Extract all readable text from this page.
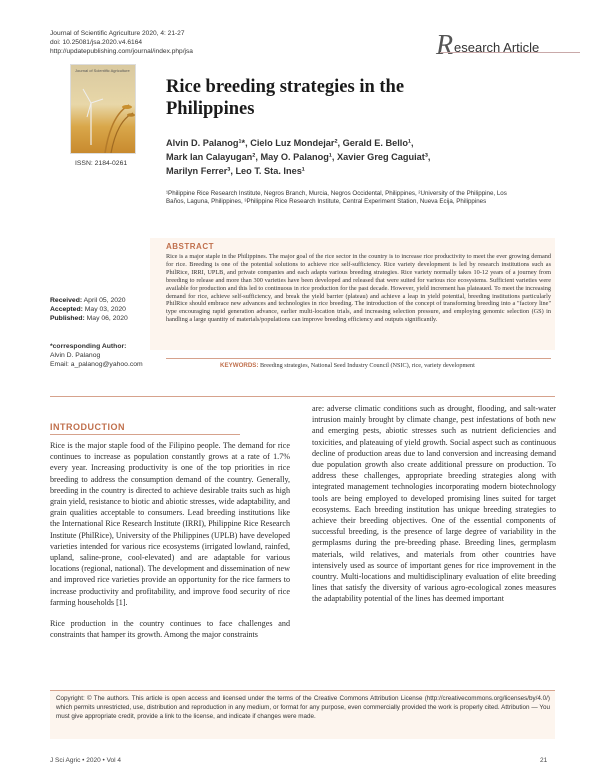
Journal of Scientific Agriculture 2020, 4: 21-27
doi: 10.25081/jsa.2020.v4.6164
http://updatepublishing.com/journal/index.php/jsa	R esearch Article
Journal of Scientific Agriculture
ISSN: 2184-0261
Rice breeding strategies in the Philippines
Alvin D. Palanog¹*, Cielo Luz Mondejar², Gerald E. Bello¹,
Mark Ian Calayugan², May O. Palanog¹, Xavier Greg Caguiat³,
Marilyn Ferrer³, Leo T. Sta. Ines¹
¹Philippine Rice Research Institute, Negros Branch, Murcia, Negros Occidental, Philippines, ²University of the Philippine, Los Baños, Laguna, Philippines, ³Philippine Rice Research Institute, Central Experiment Station, Nueva Ecija, Philippines
ABSTRACT
Rice is a major staple in the Philippines. The major goal of the rice sector in the country is to increase rice productivity to meet the ever growing demand for rice. Breeding is one of the potential solutions to achieve rice self-sufficiency. Rice variety development is led by research institutions such as PhilRice, IRRI, UPLB, and private companies and each adapts various breeding strategies. Rice variety normally takes 10-12 years of a journey from breeding to release and more than 300 varieties have been developed and released that were suited for various rice ecosystems. Sufficient varieties were available for production and this led to continuous in rice production for the past decade. However, yield increment has plateaued. To meet the increasing demand for rice, achieve self-sufficiency, and break the yield barrier (plateau) and achieve a leap in yield potential, breeding institutions particularly PhilRice should embrace new advances and technologies in rice breeding. The introduction of the concept of transforming breeding into a "factory line" type encouraging rapid generation advance, earlier multi-location trials, and increasing selection pressure, and employing genomic selection (GS) in handling a large quantity of materials/populations can improve breeding efficiency and outputs significantly.
KEYWORDS: Breeding strategies, National Seed Industry Council (NSIC), rice, variety development
Received: April 05, 2020
Accepted: May 03, 2020
Published: May 06, 2020
*corresponding Author:
Alvin D. Palanog
Email: a_palanog@yahoo.com
INTRODUCTION

Rice is the major staple food of the Filipino people. The demand for rice continues to increase as population constantly grows at a rate of 1.7% every year. Increasing productivity is one of the top priorities in rice breeding to address the consumption demand of the country. Generally, breeding in the country is directed to achieve desirable traits such as high grain yield, resistance to biotic and abiotic stresses, wide adaptability, and grain qualities acceptable to consumers. Lead breeding institutions like the International Rice Research Institute (IRRI), Philippine Rice Research Institute (PhilRice), University of the Philippines (UPLB) have developed varieties intended for various rice ecosystems (irrigated lowland, rainfed, upland, saline-prone, cool-elevated) and are adaptable for various locations (regional, national). The development and dissemination of new and improved rice varieties provide an opportunity for the rice farmers to increase productivity and profitability, and improve food security of rice farming households [1].

Rice production in the country continues to face challenges and constraints that hamper its growth. Among the major constraints

are: adverse climatic conditions such as drought, flooding, and salt-water intrusion mainly brought by climate change, pest infestations of both new and emerging pests, abiotic stresses such as nutrient deficiencies and toxicities, and plateauing of yield growth. Social aspect such as continuous decline of production areas due to land conversion and increasing demand due population growth also create additional pressure on production. To address these challenges, appropriate breeding strategies along with integrated management technologies incorporating modern biotechnology tools are being employed to developed promising lines suited for target ecosystems. Each breeding institution has unique breeding strategies to achieve their breeding objectives. One of the essential components of successful breeding, is the presence of large degree of variability in the germplasms during the pre-breeding phase. Breeding lines, germplasm materials, wild relatives, and materials from other countries have intensively used as source of important genes for rice improvement in the country. Multi-locations and multidisciplinary evaluation of elite breeding lines that satisfy the diversity of various agro-ecological zones measures the adaptability potential of the lines has deemed important

Copyright: © The authors. This article is open access and licensed under the terms of the Creative Commons Attribution License (http://creativecommons.org/licenses/by/4.0/) which permits unrestricted, use, distribution and reproduction in any medium, or format for any purpose, even commercially provided the work is properly cited. Attribution — You must give appropriate credit, provide a link to the license, and indicate if changes were made.
J Sci Agric • 2020 • Vol 4	21
